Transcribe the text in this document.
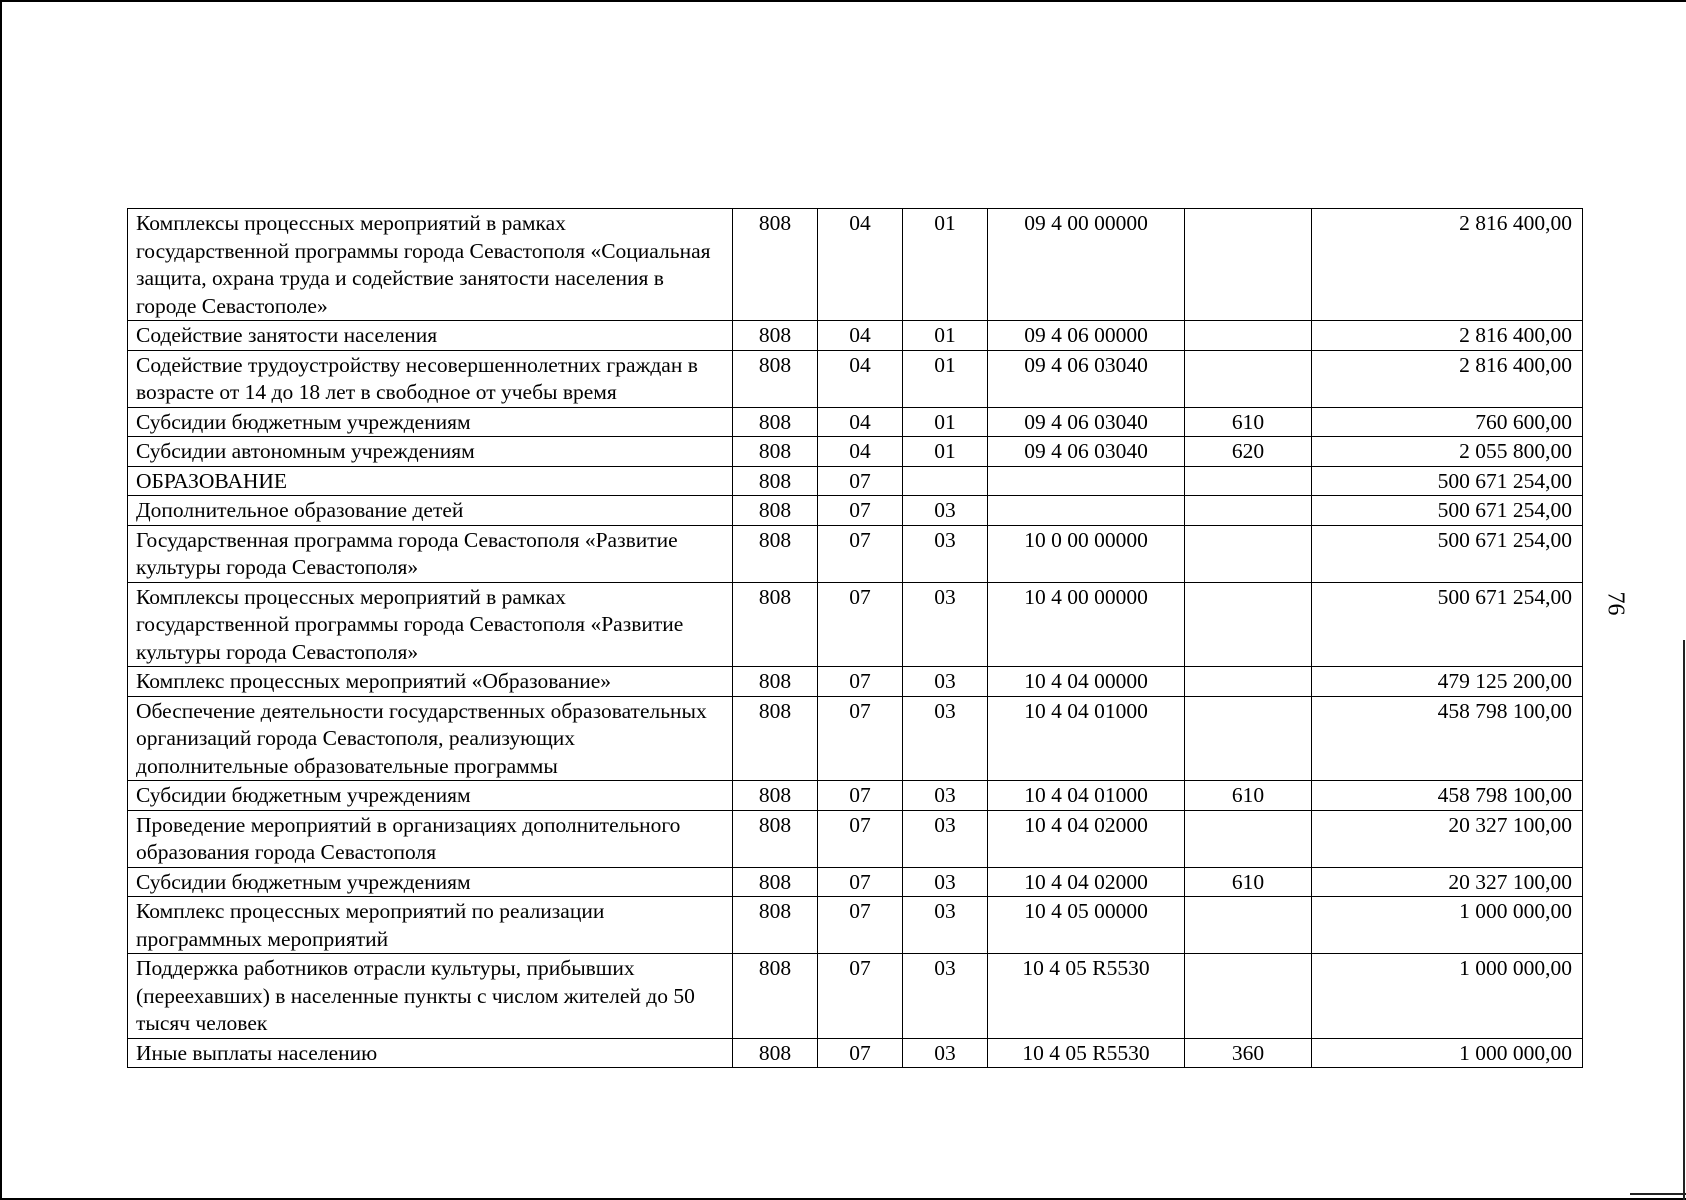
76
Комплексы процессных мероприятий в рамках государственной программы города Севастополя «Социальная защита, охрана труда и содействие занятости населения в городе Севастополе»	808	04	01	09 4 00 00000		2 816 400,00
Содействие занятости населения	808	04	01	09 4 06 00000		2 816 400,00
Содействие трудоустройству несовершеннолетних граждан в возрасте от 14 до 18 лет в свободное от учебы время	808	04	01	09 4 06 03040		2 816 400,00
Субсидии бюджетным учреждениям	808	04	01	09 4 06 03040	610	760 600,00
Субсидии автономным учреждениям	808	04	01	09 4 06 03040	620	2 055 800,00
ОБРАЗОВАНИЕ	808	07				500 671 254,00
Дополнительное образование детей	808	07	03			500 671 254,00
Государственная программа города Севастополя «Развитие культуры города Севастополя»	808	07	03	10 0 00 00000		500 671 254,00
Комплексы процессных мероприятий в рамках государственной программы города Севастополя «Развитие культуры города Севастополя»	808	07	03	10 4 00 00000		500 671 254,00
Комплекс процессных мероприятий «Образование»	808	07	03	10 4 04 00000		479 125 200,00
Обеспечение деятельности государственных образовательных организаций города Севастополя, реализующих дополнительные образовательные программы	808	07	03	10 4 04 01000		458 798 100,00
Субсидии бюджетным учреждениям	808	07	03	10 4 04 01000	610	458 798 100,00
Проведение мероприятий в организациях дополнительного образования города Севастополя	808	07	03	10 4 04 02000		20 327 100,00
Субсидии бюджетным учреждениям	808	07	03	10 4 04 02000	610	20 327 100,00
Комплекс процессных мероприятий по реализации программных мероприятий	808	07	03	10 4 05 00000		1 000 000,00
Поддержка работников отрасли культуры, прибывших (переехавших) в населенные пункты с числом жителей до 50 тысяч человек	808	07	03	10 4 05 R5530		1 000 000,00
Иные выплаты населению	808	07	03	10 4 05 R5530	360	1 000 000,00
